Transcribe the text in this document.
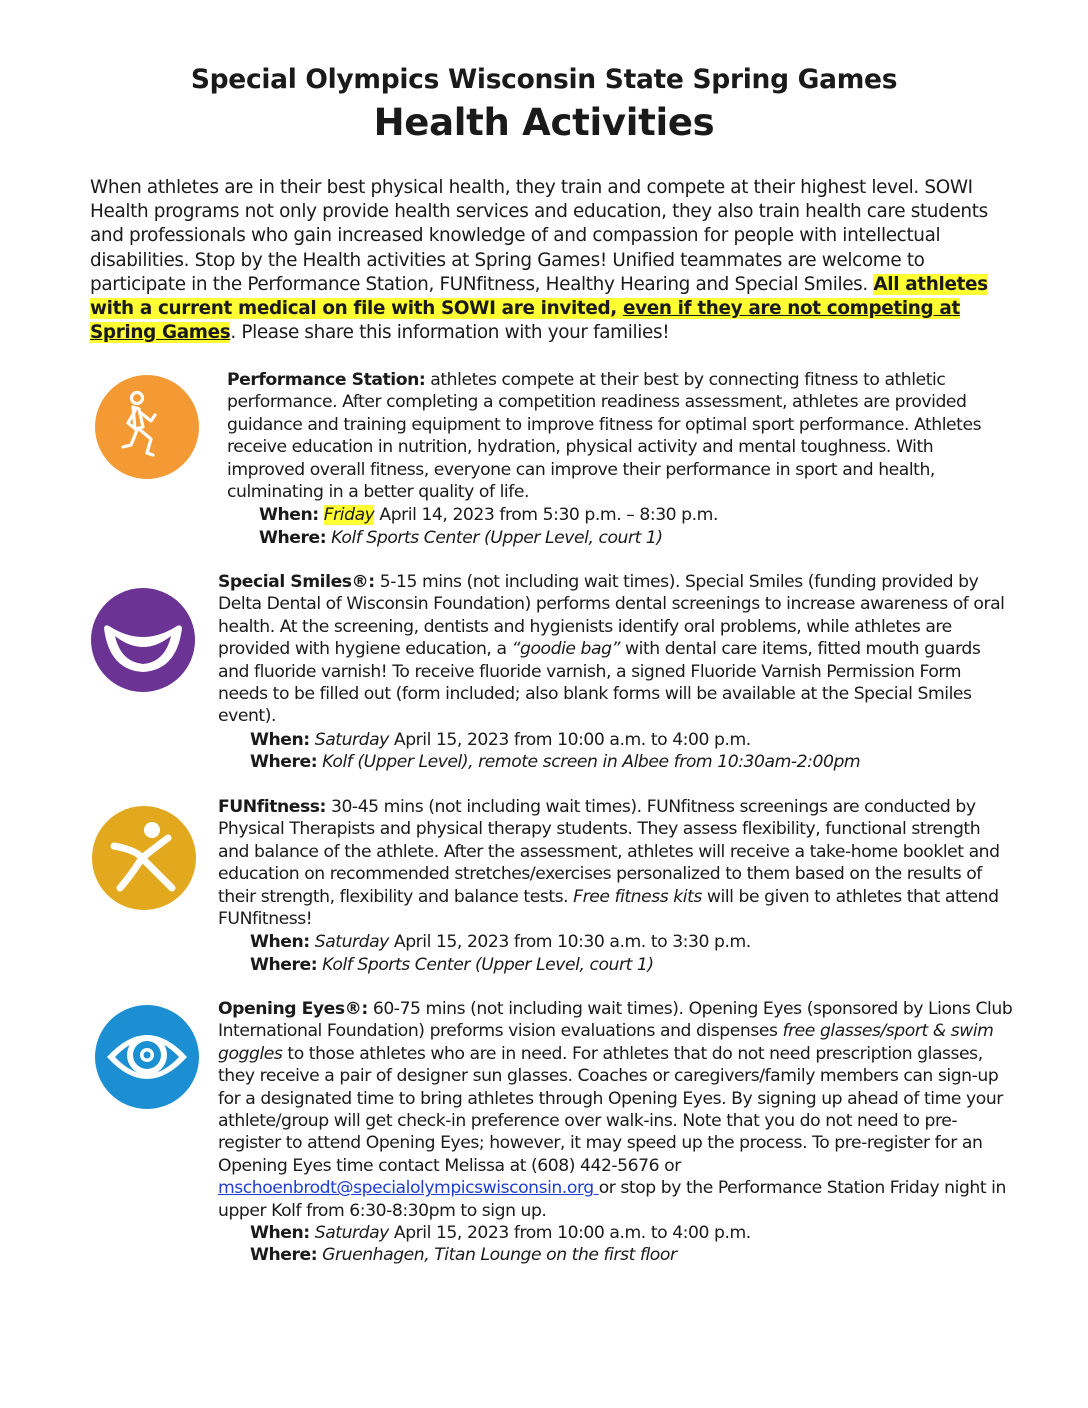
Special Olympics Wisconsin State Spring Games
Health Activities
When athletes are in their best physical health, they train and compete at their highest level. SOWI Health programs not only provide health services and education, they also train health care students and professionals who gain increased knowledge of and compassion for people with intellectual disabilities. Stop by the Health activities at Spring Games! Unified teammates are welcome to participate in the Performance Station, FUNfitness, Healthy Hearing and Special Smiles. All athletes with a current medical on file with SOWI are invited, even if they are not competing at Spring Games. Please share this information with your families!
Performance Station: athletes compete at their best by connecting fitness to athletic performance. After completing a competition readiness assessment, athletes are provided guidance and training equipment to improve fitness for optimal sport performance. Athletes receive education in nutrition, hydration, physical activity and mental toughness. With improved overall fitness, everyone can improve their performance in sport and health, culminating in a better quality of life.
When: Friday April 14, 2023 from 5:30 p.m. – 8:30 p.m.
Where: Kolf Sports Center (Upper Level, court 1)
Special Smiles®: 5-15 mins (not including wait times). Special Smiles (funding provided by Delta Dental of Wisconsin Foundation) performs dental screenings to increase awareness of oral health. At the screening, dentists and hygienists identify oral problems, while athletes are provided with hygiene education, a “goodie bag” with dental care items, fitted mouth guards and fluoride varnish! To receive fluoride varnish, a signed Fluoride Varnish Permission Form needs to be filled out (form included; also blank forms will be available at the Special Smiles event).
When: Saturday April 15, 2023 from 10:00 a.m. to 4:00 p.m.
Where: Kolf (Upper Level), remote screen in Albee from 10:30am-2:00pm
FUNfitness: 30-45 mins (not including wait times). FUNfitness screenings are conducted by Physical Therapists and physical therapy students. They assess flexibility, functional strength and balance of the athlete. After the assessment, athletes will receive a take-home booklet and education on recommended stretches/exercises personalized to them based on the results of their strength, flexibility and balance tests. Free fitness kits will be given to athletes that attend FUNfitness!
When: Saturday April 15, 2023 from 10:30 a.m. to 3:30 p.m.
Where: Kolf Sports Center (Upper Level, court 1)
Opening Eyes®: 60-75 mins (not including wait times). Opening Eyes (sponsored by Lions Club International Foundation) preforms vision evaluations and dispenses free glasses/sport & swim goggles to those athletes who are in need. For athletes that do not need prescription glasses, they receive a pair of designer sun glasses. Coaches or caregivers/family members can sign-up for a designated time to bring athletes through Opening Eyes. By signing up ahead of time your athlete/group will get check-in preference over walk-ins. Note that you do not need to pre-register to attend Opening Eyes; however, it may speed up the process. To pre-register for an Opening Eyes time contact Melissa at (608) 442-5676 or mschoenbrodt@specialolympicswisconsin.org or stop by the Performance Station Friday night in upper Kolf from 6:30-8:30pm to sign up.
When: Saturday April 15, 2023 from 10:00 a.m. to 4:00 p.m.
Where: Gruenhagen, Titan Lounge on the first floor
